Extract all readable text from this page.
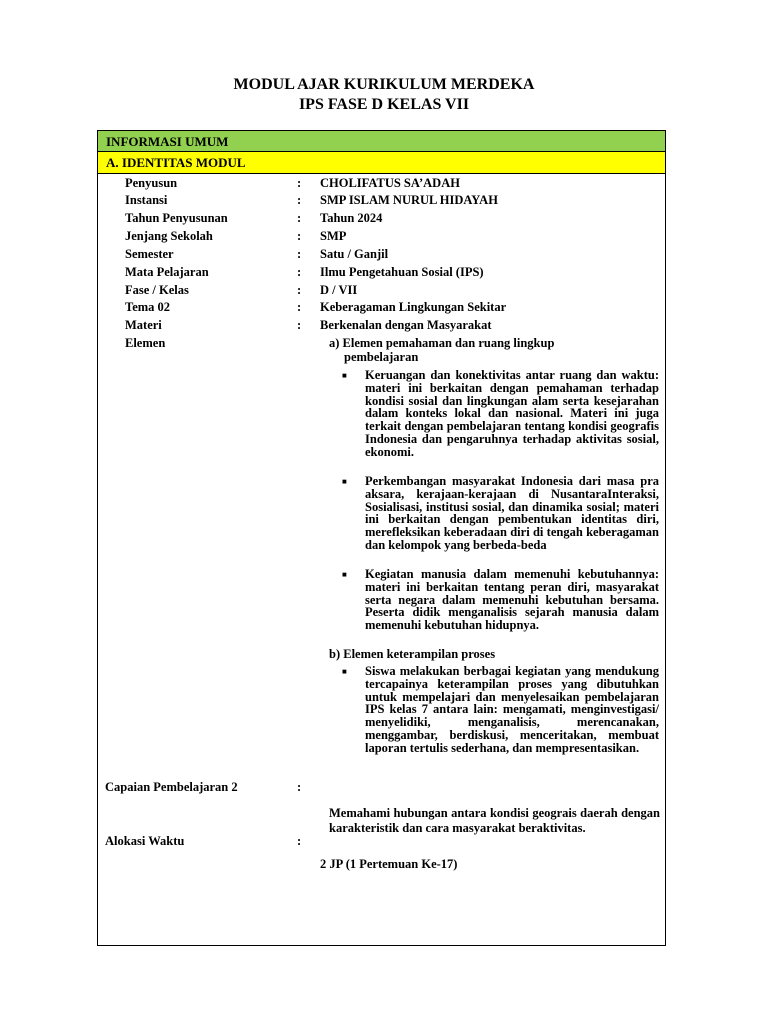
MODUL AJAR KURIKULUM MERDEKA
IPS FASE D KELAS VII
INFORMASI UMUM
A. IDENTITAS MODUL
Penyusun	: CHOLIFATUS SA’ADAH
Instansi	: SMP ISLAM NURUL HIDAYAH
Tahun Penyusunan	: Tahun 2024
Jenjang Sekolah	: SMP
Semester	: Satu / Ganjil
Mata Pelajaran	: Ilmu Pengetahuan Sosial (IPS)
Fase / Kelas	: D / VII
Tema 02	: Keberagaman Lingkungan Sekitar
Materi	: Berkenalan dengan Masyarakat
Elemen	a) Elemen pemahaman dan ruang lingkup
pembelajaran
■ Keruangan dan konektivitas antar ruang dan waktu: materi ini berkaitan dengan pemahaman terhadap kondisi sosial dan lingkungan alam serta kesejarahan dalam konteks lokal dan nasional. Materi ini juga terkait dengan pembelajaran tentang kondisi geografis Indonesia dan pengaruhnya terhadap aktivitas sosial, ekonomi.
■ Perkembangan masyarakat Indonesia dari masa pra aksara, kerajaan-kerajaan di NusantaraInteraksi, Sosialisasi, institusi sosial, dan dinamika sosial; materi ini berkaitan dengan pembentukan identitas diri, merefleksikan keberadaan diri di tengah keberagaman dan kelompok yang berbeda-beda
■ Kegiatan manusia dalam memenuhi kebutuhannya: materi ini berkaitan tentang peran diri, masyarakat serta negara dalam memenuhi kebutuhan bersama. Peserta didik menganalisis sejarah manusia dalam memenuhi kebutuhan hidupnya.
b) Elemen keterampilan proses
■ Siswa melakukan berbagai kegiatan yang mendukung tercapainya keterampilan proses yang dibutuhkan untuk mempelajari dan menyelesaikan pembelajaran IPS kelas 7 antara lain: mengamati, menginvestigasi/ menyelidiki, menganalisis, merencanakan, menggambar, berdiskusi, menceritakan, membuat laporan tertulis sederhana, dan mempresentasikan.
Capaian Pembelajaran 2	:
Memahami hubungan antara kondisi geograis daerah dengan karakteristik dan cara masyarakat beraktivitas.
Alokasi Waktu	:
2 JP (1 Pertemuan Ke-17)
